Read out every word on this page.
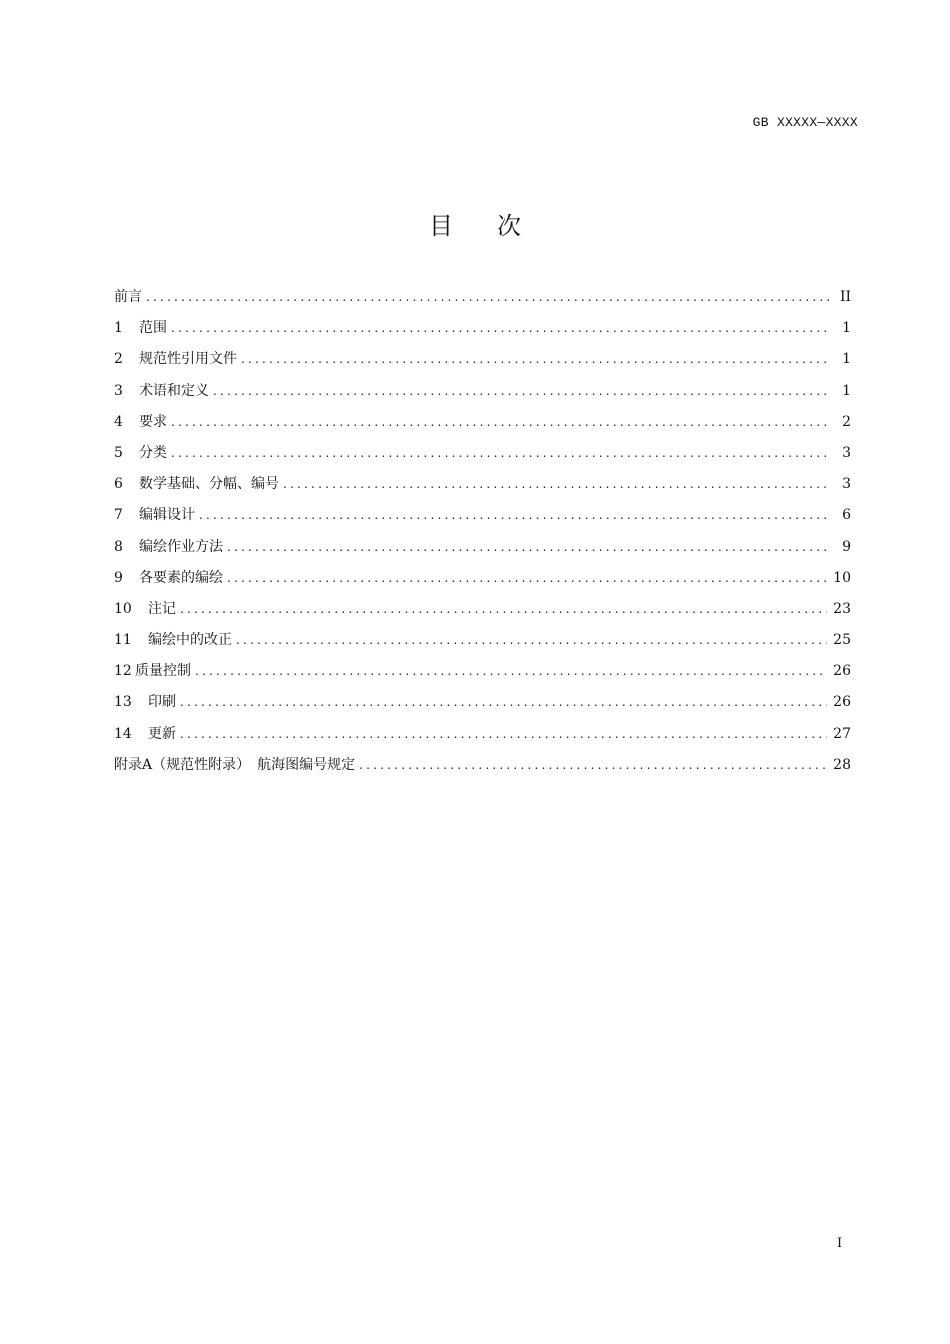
GB XXXXX—XXXX
目次
前言 .....	II
1	范围 .....	1
2	规范性引用文件 .....	1
3	术语和定义 .....	1
4	要求 .....	2
5	分类 .....	3
6	数学基础、分幅、编号 .....	3
7	编辑设计 .....	6
8	编绘作业方法 .....	9
9	各要素的编绘 .....	10
10	注记 .....	23
11	编绘中的改正 .....	25
12 质量控制 .....	26
13	印刷 .....	26
14	更新 .....	27
附录A（规范性附录）　航海图编号规定 .....	28
I
